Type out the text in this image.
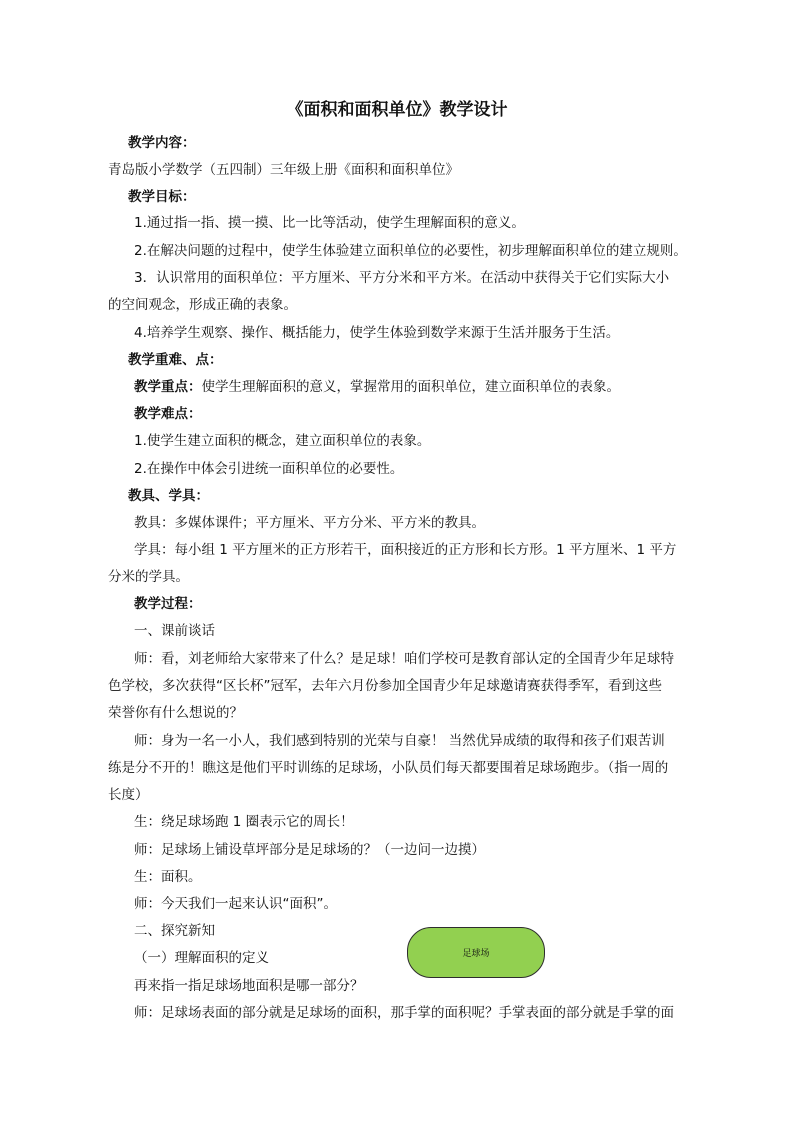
《面积和面积单位》教学设计
教学内容：
青岛版小学数学（五四制）三年级上册《面积和面积单位》
教学目标：
1.通过指一指、摸一摸、比一比等活动，使学生理解面积的意义。
2.在解决问题的过程中，使学生体验建立面积单位的必要性，初步理解面积单位的建立规则。
3．认识常用的面积单位：平方厘米、平方分米和平方米。在活动中获得关于它们实际大小
的空间观念，形成正确的表象。
4.培养学生观察、操作、概括能力，使学生体验到数学来源于生活并服务于生活。
教学重难、点：
教学重点：使学生理解面积的意义，掌握常用的面积单位，建立面积单位的表象。
教学难点：
1.使学生建立面积的概念，建立面积单位的表象。
2.在操作中体会引进统一面积单位的必要性。
教具、学具：
教具：多媒体课件；平方厘米、平方分米、平方米的教具。
学具：每小组 1 平方厘米的正方形若干，面积接近的正方形和长方形。1 平方厘米、1 平方
分米的学具。
教学过程：
一、课前谈话
师：看，刘老师给大家带来了什么？是足球！咱们学校可是教育部认定的全国青少年足球特
色学校，多次获得“区长杯”冠军，去年六月份参加全国青少年足球邀请赛获得季军，看到这些
荣誉你有什么想说的？
师：身为一名一小人，我们感到特别的光荣与自豪！ 当然优异成绩的取得和孩子们艰苦训
练是分不开的！瞧这是他们平时训练的足球场，小队员们每天都要围着足球场跑步。（指一周的
长度）
生：绕足球场跑 1 圈表示它的周长！
师：足球场上铺设草坪部分是足球场的？（一边问一边摸）
生：面积。
师：今天我们一起来认识“面积”。
二、探究新知
（一）理解面积的定义
再来指一指足球场地面积是哪一部分？
师：足球场表面的部分就是足球场的面积，那手掌的面积呢？手掌表面的部分就是手掌的面
足球场
